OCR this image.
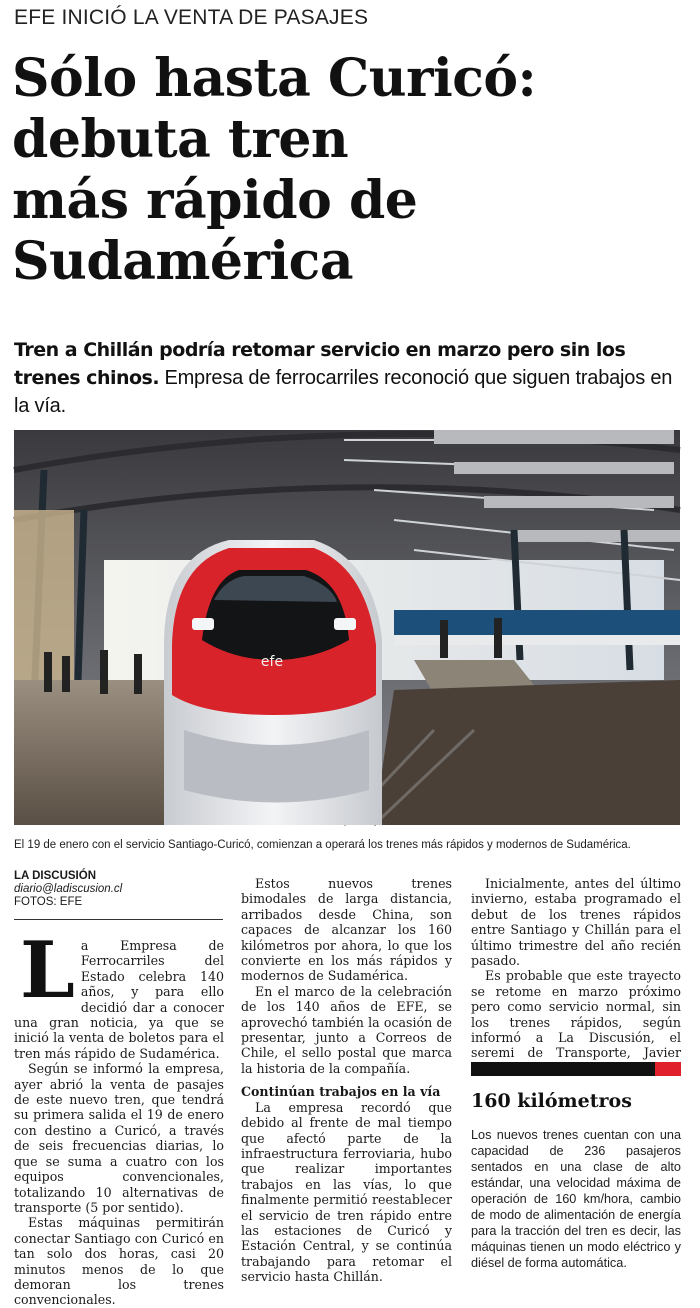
EFE INICIÓ LA VENTA DE PASAJES
Sólo hasta Curicó:
debuta tren
más rápido de
Sudamérica
Tren a Chillán podría retomar servicio en marzo pero sin los trenes chinos. Empresa de ferrocarriles reconoció que siguen trabajos en la vía.
efe
El 19 de enero con el servicio Santiago-Curicó, comienzan a operará los trenes más rápidos y modernos de Sudamérica.
LA DISCUSIÓN
diario@ladiscusion.cl
FOTOS: EFE
L a Empresa de Ferrocarriles del Estado celebra 140 años, y para ello decidió dar a conocer una gran noticia, ya que se inició la venta de boletos para el tren más rápido de Sudamérica.

Según se informó la empresa, ayer abrió la venta de pasajes de este nuevo tren, que tendrá su primera salida el 19 de enero con destino a Curicó, a través de seis frecuencias diarias, lo que se suma a cuatro con los equipos convencionales, totalizando 10 alternativas de transporte (5 por sentido).

Estas máquinas permitirán conectar Santiago con Curicó en tan solo dos horas, casi 20 minutos menos de lo que demoran los trenes convencionales.

Estos nuevos trenes bimodales de larga distancia, arribados desde China, son capaces de alcanzar los 160 kilómetros por ahora, lo que los convierte en los más rápidos y modernos de Sudamérica.

En el marco de la celebración de los 140 años de EFE, se aprovechó también la ocasión de presentar, junto a Correos de Chile, el sello postal que marca la historia de la compañía.

Continúan trabajos en la vía

La empresa recordó que debido al frente de mal tiempo que afectó parte de la infraestructura ferroviaria, hubo que realizar importantes trabajos en las vías, lo que finalmente permitió reestablecer el servicio de tren rápido entre las estaciones de Curicó y Estación Central, y se continúa trabajando para retomar el servicio hasta Chillán.

Inicialmente, antes del último invierno, estaba programado el debut de los trenes rápidos entre Santiago y Chillán para el último trimestre del año recién pasado.

Es probable que este trayecto se retome en marzo próximo pero como servicio normal, sin los trenes rápidos, según informó a La Discusión, el seremi de Transporte, Javier

160 kilómetros
Los nuevos trenes cuentan con una capacidad de 236 pasajeros sentados en una clase de alto estándar, una velocidad máxima de operación de 160 km/hora, cambio de modo de alimentación de energía para la tracción del tren es decir, las máquinas tienen un modo eléctrico y diésel de forma automática.
